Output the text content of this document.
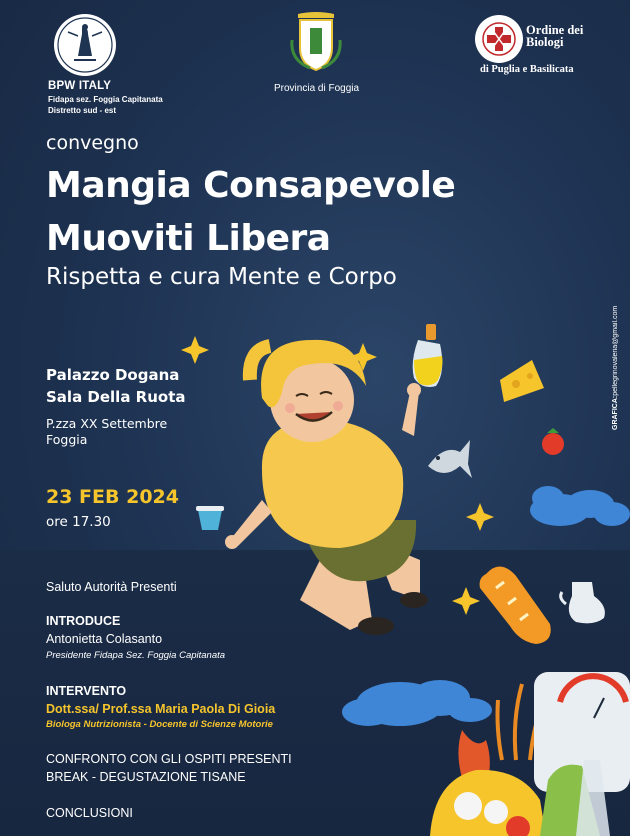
BPW ITALY
Fidapa sez. Foggia Capitanata
Distretto sud - est
Provincia di Foggia
Ordine dei Biologi
di Puglia e Basilicata
convegno
Mangia Consapevole
Muoviti Libera
Rispetta e cura Mente e Corpo
Palazzo Dogana
Sala Della Ruota
P.zza XX Settembre
Foggia
23 FEB 2024
ore 17.30
GRAFICA:pellegrinovaleria@gmail.com
Saluto Autorità Presenti
INTRODUCE
Antonietta Colasanto
Presidente Fidapa Sez. Foggia Capitanata
INTERVENTO
Dott.ssa/ Prof.ssa Maria Paola Di Gioia
Biologa Nutrizionista - Docente di Scienze Motorie
CONFRONTO CON GLI OSPITI PRESENTI
BREAK - DEGUSTAZIONE TISANE
CONCLUSIONI
